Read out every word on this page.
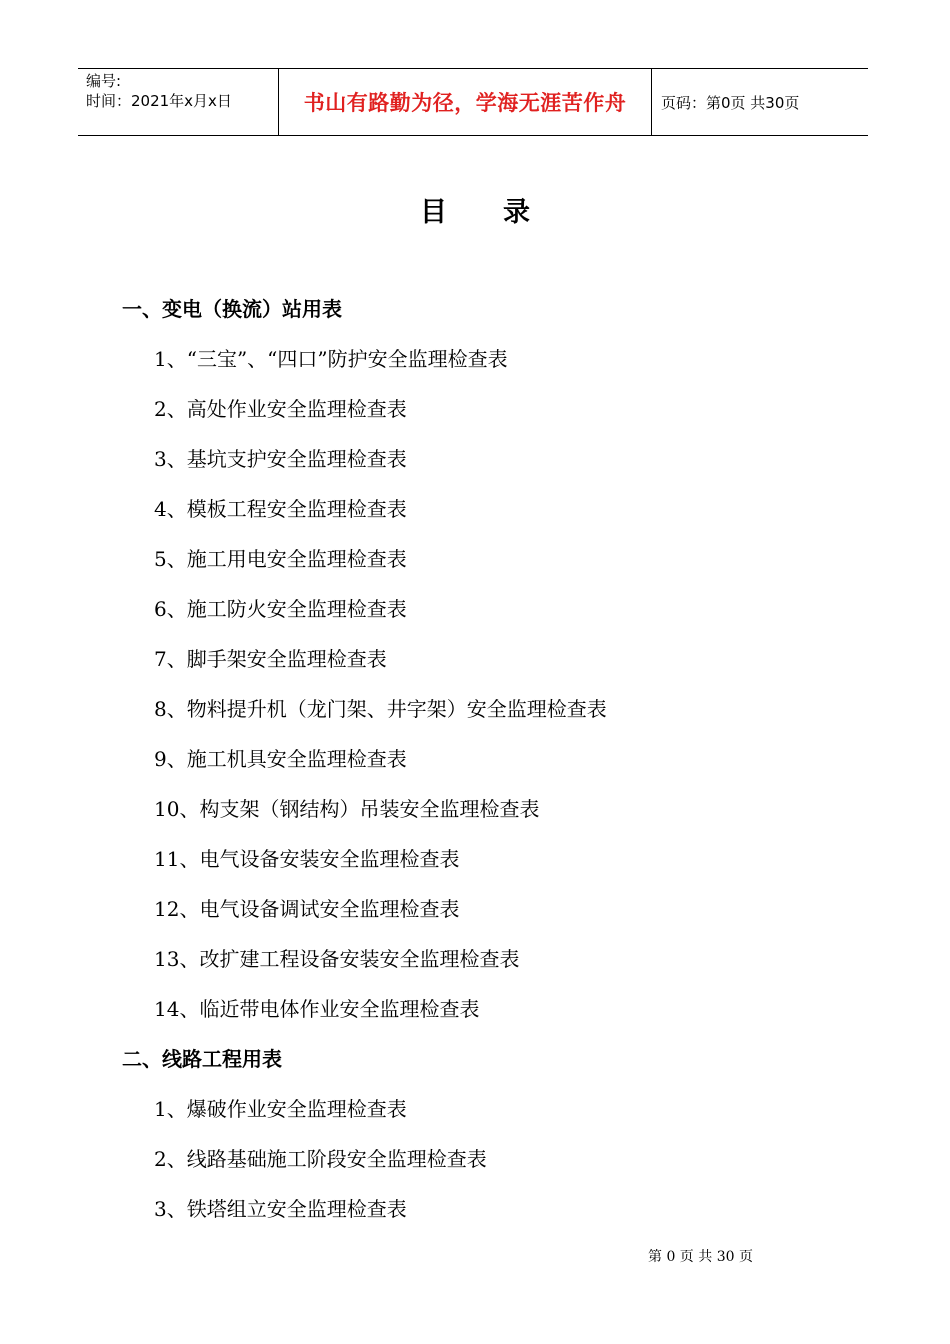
编号:
时间：2021年x月x日	书山有路勤为径，学海无涯苦作舟 页码：第0页 共30页
目 录
一、变电（换流）站用表
1、“三宝”、“四口”防护安全监理检查表
2、高处作业安全监理检查表
3、基坑支护安全监理检查表
4、模板工程安全监理检查表
5、施工用电安全监理检查表
6、施工防火安全监理检查表
7、脚手架安全监理检查表
8、物料提升机（龙门架、井字架）安全监理检查表
9、施工机具安全监理检查表
10、构支架（钢结构）吊装安全监理检查表
11、电气设备安装安全监理检查表
12、电气设备调试安全监理检查表
13、改扩建工程设备安装安全监理检查表
14、临近带电体作业安全监理检查表
二、线路工程用表
1、爆破作业安全监理检查表
2、线路基础施工阶段安全监理检查表
3、铁塔组立安全监理检查表
第 0 页 共 30 页
